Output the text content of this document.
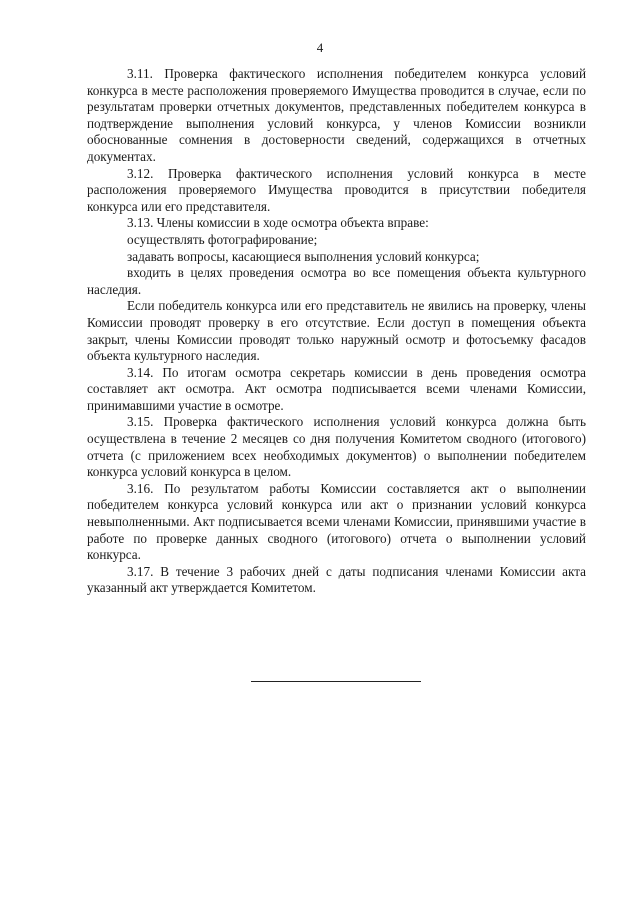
4

3.11. Проверка фактического исполнения победителем конкурса условий конкурса в месте расположения проверяемого Имущества проводится в случае, если по результатам проверки отчетных документов, представленных победителем конкурса в подтверждение выполнения условий конкурса, у членов Комиссии возникли обоснованные сомнения в достоверности сведений, содержащихся в отчетных документах.

3.12. Проверка фактического исполнения условий конкурса в месте расположения проверяемого Имущества проводится в присутствии победителя конкурса или его представителя.

3.13. Члены комиссии в ходе осмотра объекта вправе:

осуществлять фотографирование;

задавать вопросы, касающиеся выполнения условий конкурса;

входить в целях проведения осмотра во все помещения объекта культурного наследия.

Если победитель конкурса или его представитель не явились на проверку, члены Комиссии проводят проверку в его отсутствие. Если доступ в помещения объекта закрыт, члены Комиссии проводят только наружный осмотр и фотосъемку фасадов объекта культурного наследия.

3.14. По итогам осмотра секретарь комиссии в день проведения осмотра составляет акт осмотра. Акт осмотра подписывается всеми членами Комиссии, принимавшими участие в осмотре.

3.15. Проверка фактического исполнения условий конкурса должна быть осуществлена в течение 2 месяцев со дня получения Комитетом сводного (итогового) отчета (с приложением всех необходимых документов) о выполнении победителем конкурса условий конкурса в целом.

3.16. По результатом работы Комиссии составляется акт о выполнении победителем конкурса условий конкурса или акт о признании условий конкурса невыполненными. Акт подписывается всеми членами Комиссии, принявшими участие в работе по проверке данных сводного (итогового) отчета о выполнении условий конкурса.

3.17. В течение 3 рабочих дней с даты подписания членами Комиссии акта указанный акт утверждается Комитетом.
